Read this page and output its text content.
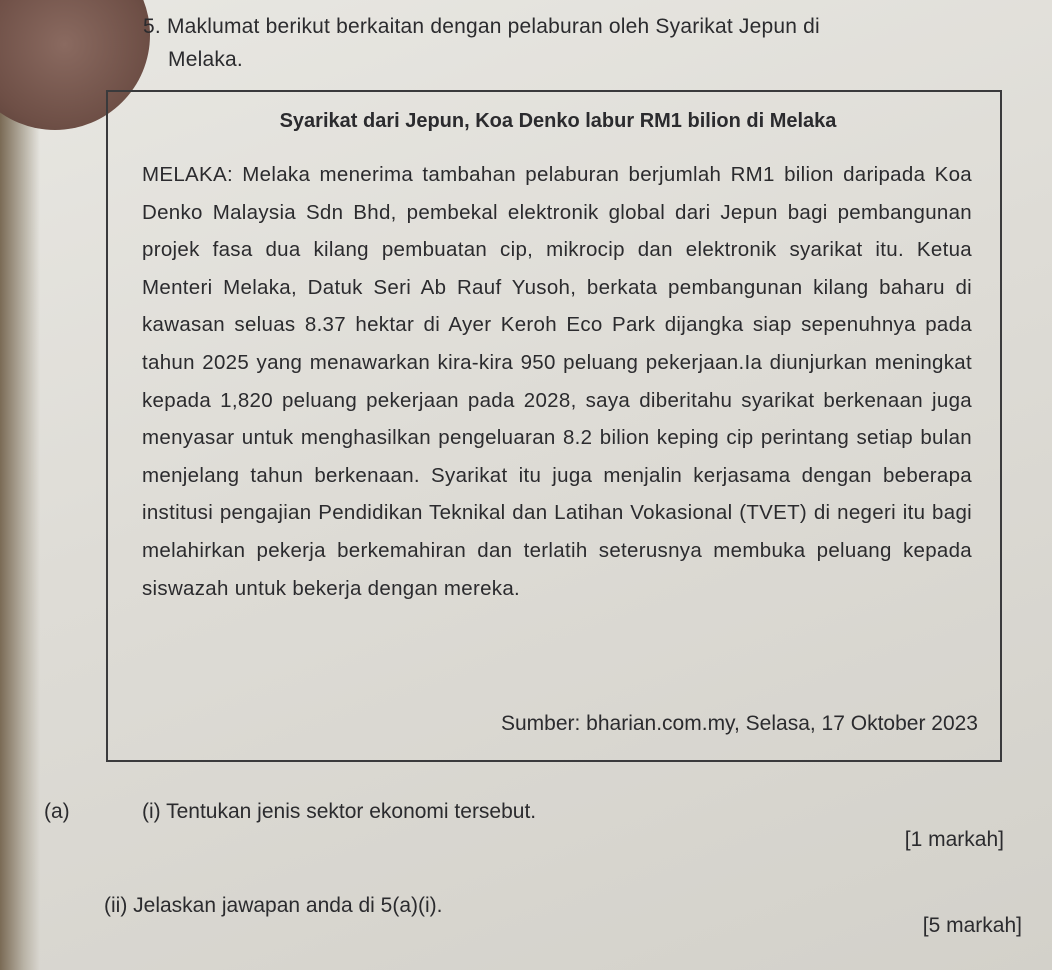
5. Maklumat berikut berkaitan dengan pelaburan oleh Syarikat Jepun di
Melaka.
Syarikat dari Jepun, Koa Denko labur RM1 bilion di Melaka

MELAKA: Melaka menerima tambahan pelaburan berjumlah RM1 bilion daripada Koa Denko Malaysia Sdn Bhd, pembekal elektronik global dari Jepun bagi pembangunan projek fasa dua kilang pembuatan cip, mikrocip dan elektronik syarikat itu. Ketua Menteri Melaka, Datuk Seri Ab Rauf Yusoh, berkata pembangunan kilang baharu di kawasan seluas 8.37 hektar di Ayer Keroh Eco Park dijangka siap sepenuhnya pada tahun 2025 yang menawarkan kira-kira 950 peluang pekerjaan.Ia diunjurkan meningkat kepada 1,820 peluang pekerjaan pada 2028, saya diberitahu syarikat berkenaan juga menyasar untuk menghasilkan pengeluaran 8.2 bilion keping cip perintang setiap bulan menjelang tahun berkenaan. Syarikat itu juga menjalin kerjasama dengan beberapa institusi pengajian Pendidikan Teknikal dan Latihan Vokasional (TVET) di negeri itu bagi melahirkan pekerja berkemahiran dan terlatih seterusnya membuka peluang kepada siswazah untuk bekerja dengan mereka.

Sumber: bharian.com.my, Selasa, 17 Oktober 2023
(a)	(i) Tentukan jenis sektor ekonomi tersebut.
[1 markah]
(ii) Jelaskan jawapan anda di 5(a)(i).
[5 markah]
